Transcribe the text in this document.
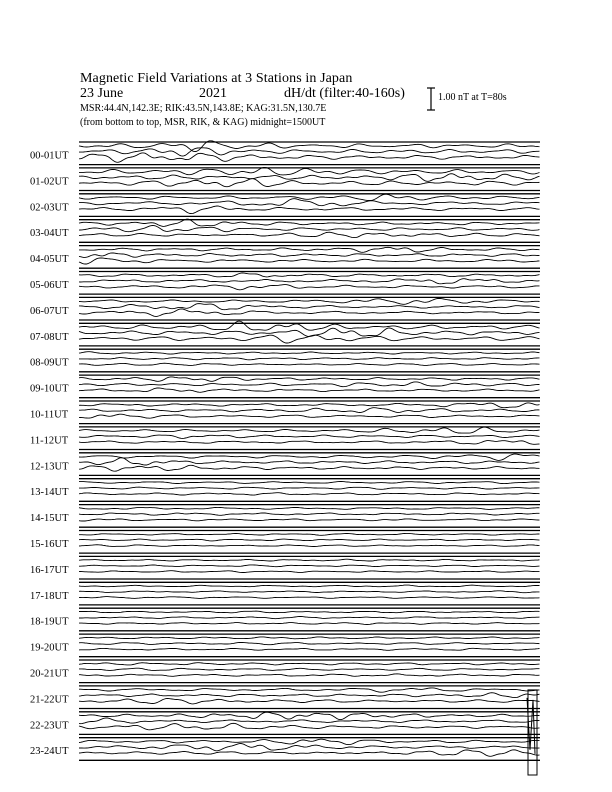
Magnetic Field Variations at 3 Stations in Japan
23 June	2021	dH/dt (filter:40-160s)
MSR:44.4N,142.3E; RIK:43.5N,143.8E; KAG:31.5N,130.7E
(from bottom to top, MSR, RIK, & KAG) midnight=1500UT
1.00 nT at T=80s
00-01UT
01-02UT
02-03UT
03-04UT
04-05UT
05-06UT
06-07UT
07-08UT
08-09UT
09-10UT
10-11UT
11-12UT
12-13UT
13-14UT
14-15UT
15-16UT
16-17UT
17-18UT
18-19UT
19-20UT
20-21UT
21-22UT
22-23UT
23-24UT
